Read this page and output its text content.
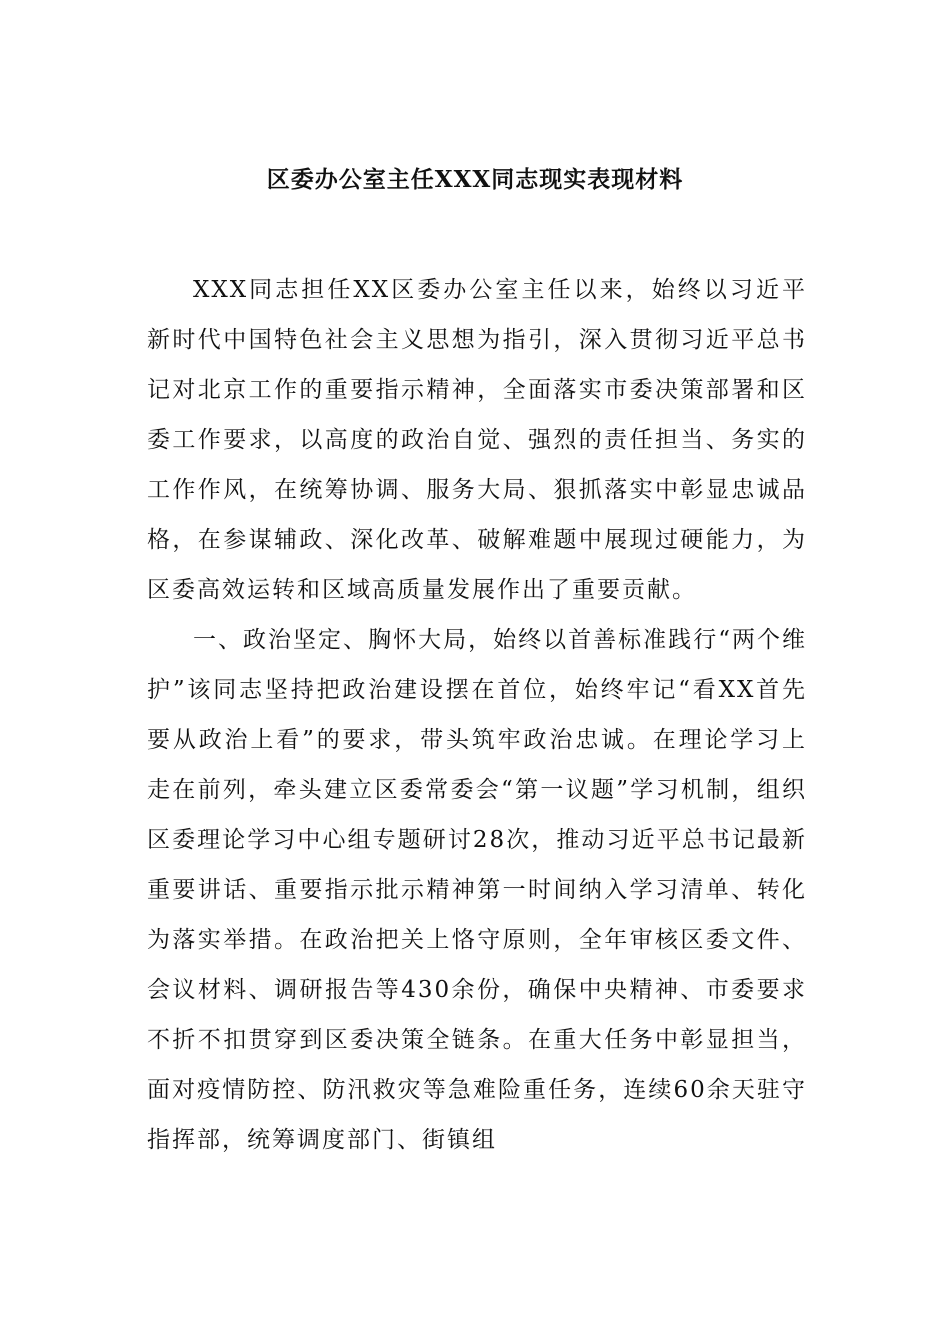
区委办公室主任XXX同志现实表现材料

XXX同志担任XX区委办公室主任以来，始终以习近平新时代中国特色社会主义思想为指引，深入贯彻习近平总书记对北京工作的重要指示精神，全面落实市委决策部署和区委工作要求，以高度的政治自觉、强烈的责任担当、务实的工作作风，在统筹协调、服务大局、狠抓落实中彰显忠诚品格，在参谋辅政、深化改革、破解难题中展现过硬能力，为区委高效运转和区域高质量发展作出了重要贡献。

一、政治坚定、胸怀大局，始终以首善标准践行“两个维护”该同志坚持把政治建设摆在首位，始终牢记“看XX首先要从政治上看”的要求，带头筑牢政治忠诚。在理论学习上走在前列，牵头建立区委常委会“第一议题”学习机制，组织区委理论学习中心组专题研讨28次，推动习近平总书记最新重要讲话、重要指示批示精神第一时间纳入学习清单、转化为落实举措。在政治把关上恪守原则，全年审核区委文件、会议材料、调研报告等430余份，确保中央精神、市委要求不折不扣贯穿到区委决策全链条。在重大任务中彰显担当，面对疫情防控、防汛救灾等急难险重任务，连续60余天驻守指挥部，统筹调度部门、街镇组
